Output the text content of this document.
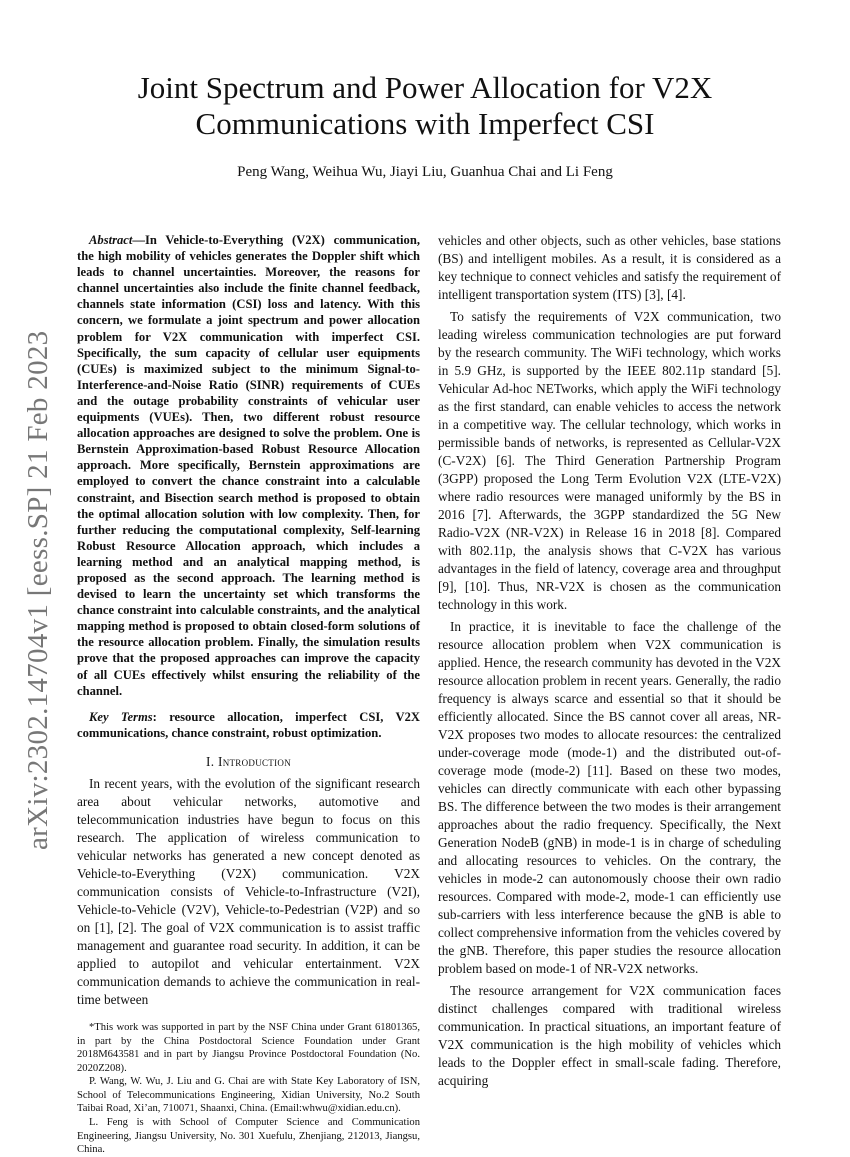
arXiv:2302.14704v1 [eess.SP] 21 Feb 2023
Joint Spectrum and Power Allocation for V2X Communications with Imperfect CSI
Peng Wang, Weihua Wu, Jiayi Liu, Guanhua Chai and Li Feng

Abstract—In Vehicle-to-Everything (V2X) communication, the high mobility of vehicles generates the Doppler shift which leads to channel uncertainties. Moreover, the reasons for channel uncertainties also include the finite channel feedback, channels state information (CSI) loss and latency. With this concern, we formulate a joint spectrum and power allocation problem for V2X communication with imperfect CSI. Specifically, the sum capacity of cellular user equipments (CUEs) is maximized subject to the minimum Signal-to-Interference-and-Noise Ratio (SINR) requirements of CUEs and the outage probability constraints of vehicular user equipments (VUEs). Then, two different robust resource allocation approaches are designed to solve the problem. One is Bernstein Approximation-based Robust Resource Allocation approach. More specifically, Bernstein approximations are employed to convert the chance constraint into a calculable constraint, and Bisection search method is proposed to obtain the optimal allocation solution with low complexity. Then, for further reducing the computational complexity, Self-learning Robust Resource Allocation approach, which includes a learning method and an analytical mapping method, is proposed as the second approach. The learning method is devised to learn the uncertainty set which transforms the chance constraint into calculable constraints, and the analytical mapping method is proposed to obtain closed-form solutions of the resource allocation problem. Finally, the simulation results prove that the proposed approaches can improve the capacity of all CUEs effectively whilst ensuring the reliability of the channel.

Key Terms: resource allocation, imperfect CSI, V2X communications, chance constraint, robust optimization.

I. Introduction

In recent years, with the evolution of the significant research area about vehicular networks, automotive and telecommunication industries have begun to focus on this research. The application of wireless communication to vehicular networks has generated a new concept denoted as Vehicle-to-Everything (V2X) communication. V2X communication consists of Vehicle-to-Infrastructure (V2I), Vehicle-to-Vehicle (V2V), Vehicle-to-Pedestrian (V2P) and so on [1], [2]. The goal of V2X communication is to assist traffic management and guarantee road security. In addition, it can be applied to autopilot and vehicular entertainment. V2X communication demands to achieve the communication in real-time between

*This work was supported in part by the NSF China under Grant 61801365, in part by the China Postdoctoral Science Foundation under Grant 2018M643581 and in part by Jiangsu Province Postdoctoral Foundation (No. 2020Z208).

P. Wang, W. Wu, J. Liu and G. Chai are with State Key Laboratory of ISN, School of Telecommunications Engineering, Xidian University, No.2 South Taibai Road, Xi’an, 710071, Shaanxi, China. (Email:whwu@xidian.edu.cn).

L. Feng is with School of Computer Science and Communication Engineering, Jiangsu University, No. 301 Xuefulu, Zhenjiang, 212013, Jiangsu, China.

vehicles and other objects, such as other vehicles, base stations (BS) and intelligent mobiles. As a result, it is considered as a key technique to connect vehicles and satisfy the requirement of intelligent transportation system (ITS) [3], [4].

To satisfy the requirements of V2X communication, two leading wireless communication technologies are put forward by the research community. The WiFi technology, which works in 5.9 GHz, is supported by the IEEE 802.11p standard [5]. Vehicular Ad-hoc NETworks, which apply the WiFi technology as the first standard, can enable vehicles to access the network in a competitive way. The cellular technology, which works in permissible bands of networks, is represented as Cellular-V2X (C-V2X) [6]. The Third Generation Partnership Program (3GPP) proposed the Long Term Evolution V2X (LTE-V2X) where radio resources were managed uniformly by the BS in 2016 [7]. Afterwards, the 3GPP standardized the 5G New Radio-V2X (NR-V2X) in Release 16 in 2018 [8]. Compared with 802.11p, the analysis shows that C-V2X has various advantages in the field of latency, coverage area and throughput [9], [10]. Thus, NR-V2X is chosen as the communication technology in this work.

In practice, it is inevitable to face the challenge of the resource allocation problem when V2X communication is applied. Hence, the research community has devoted in the V2X resource allocation problem in recent years. Generally, the radio frequency is always scarce and essential so that it should be efficiently allocated. Since the BS cannot cover all areas, NR-V2X proposes two modes to allocate resources: the centralized under-coverage mode (mode-1) and the distributed out-of-coverage mode (mode-2) [11]. Based on these two modes, vehicles can directly communicate with each other bypassing BS. The difference between the two modes is their arrangement approaches about the radio frequency. Specifically, the Next Generation NodeB (gNB) in mode-1 is in charge of scheduling and allocating resources to vehicles. On the contrary, the vehicles in mode-2 can autonomously choose their own radio resources. Compared with mode-2, mode-1 can efficiently use sub-carriers with less interference because the gNB is able to collect comprehensive information from the vehicles covered by the gNB. Therefore, this paper studies the resource allocation problem based on mode-1 of NR-V2X networks.

The resource arrangement for V2X communication faces distinct challenges compared with traditional wireless communication. In practical situations, an important feature of V2X communication is the high mobility of vehicles which leads to the Doppler effect in small-scale fading. Therefore, acquiring
